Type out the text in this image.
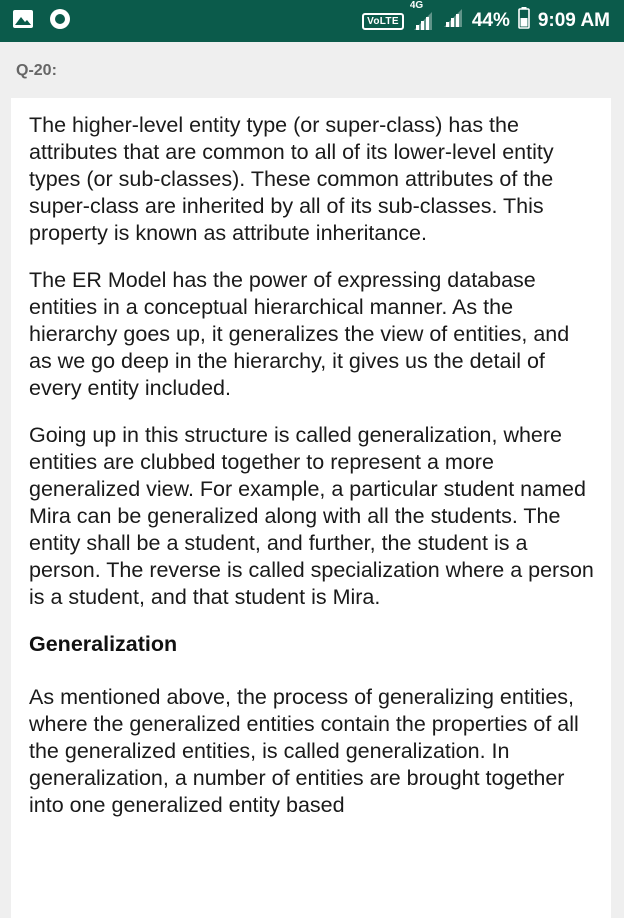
VoLTE
4G
44% 9:09 AM
Q-20:

The higher-level entity type (or super-class) has the attributes that are common to all of its lower-level entity types (or sub-classes). These common attributes of the super-class are inherited by all of its sub-classes. This property is known as attribute inheritance.

The ER Model has the power of expressing database entities in a conceptual hierarchical manner. As the hierarchy goes up, it generalizes the view of entities, and as we go deep in the hierarchy, it gives us the detail of every entity included.

Going up in this structure is called generalization, where entities are clubbed together to represent a more generalized view. For example, a particular student named Mira can be generalized along with all the students. The entity shall be a student, and further, the student is a person. The reverse is called specialization where a person is a student, and that student is Mira.

Generalization

As mentioned above, the process of generalizing entities, where the generalized entities contain the properties of all the generalized entities, is called generalization. In generalization, a number of entities are brought together into one generalized entity based
